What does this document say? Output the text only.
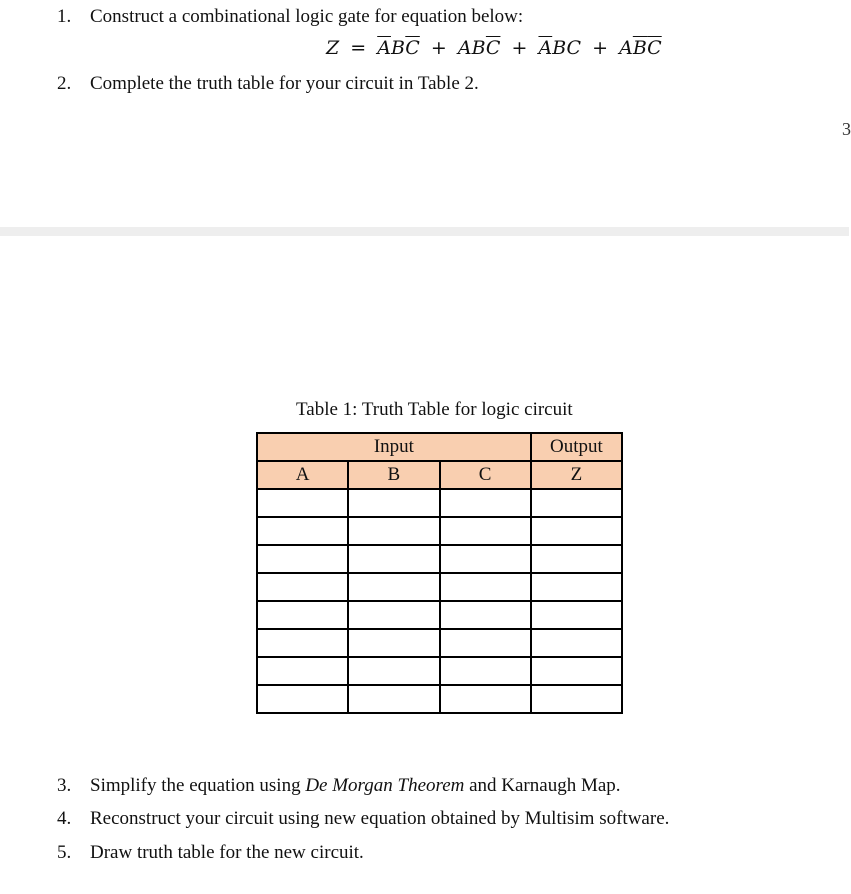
1. Construct a combinational logic gate for equation below:
$Z = \overline{A}B\overline{C} + AB\overline{C} + \overline{A}BC + A\overline{B}\overline{C}$
2. Complete the truth table for your circuit in Table 2.
3
Table 1: Truth Table for logic circuit
Input			Output
A	B	C	Z

3. Simplify the equation using De Morgan Theorem and Karnaugh Map.
4. Reconstruct your circuit using new equation obtained by Multisim software.
5. Draw truth table for the new circuit.
